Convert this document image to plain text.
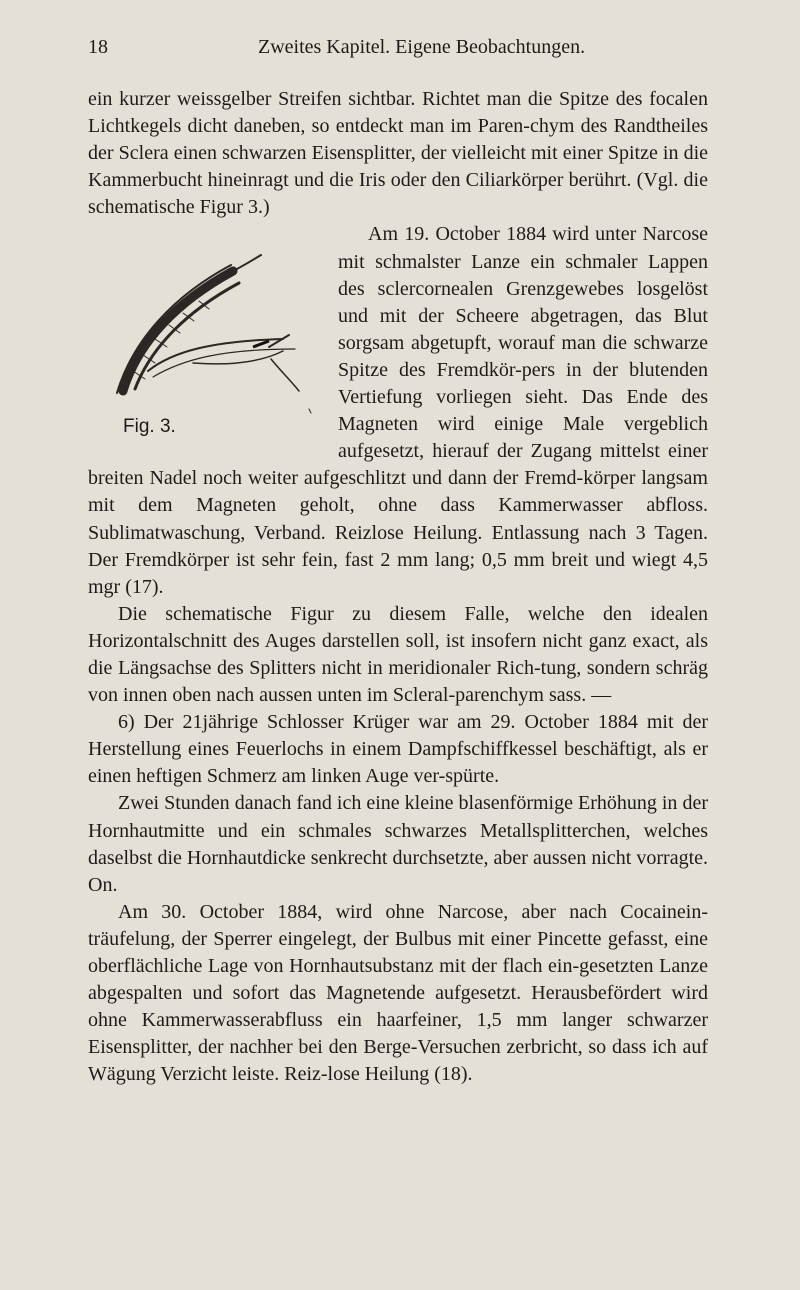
18	Zweites Kapitel. Eigene Beobachtungen.

ein kurzer weissgelber Streifen sichtbar. Richtet man die Spitze des focalen Lichtkegels dicht daneben, so entdeckt man im Paren-chym des Randtheiles der Sclera einen schwarzen Eisensplitter, der vielleicht mit einer Spitze in die Kammerbucht hineinragt und die Iris oder den Ciliarkörper berührt. (Vgl. die schematische Figur 3.)

Fig. 3.
Am 19. October 1884 wird unter Narcose mit schmalster Lanze ein schmaler Lappen des sclercornealen Grenzgewebes losgelöst und mit der Scheere abgetragen, das Blut sorgsam abgetupft, worauf man die schwarze Spitze des Fremdkör-pers in der blutenden Vertiefung vorliegen sieht. Das Ende des Magneten wird einige Male vergeblich aufgesetzt, hierauf der Zugang mittelst einer breiten Nadel noch weiter aufgeschlitzt und dann der Fremd-körper langsam mit dem Magneten geholt, ohne dass Kammerwasser abfloss. Sublimatwaschung, Verband. Reizlose Heilung. Entlassung nach 3 Tagen. Der Fremdkörper ist sehr fein, fast 2 mm lang; 0,5 mm breit und wiegt 4,5 mgr (17).

Die schematische Figur zu diesem Falle, welche den idealen Horizontalschnitt des Auges darstellen soll, ist insofern nicht ganz exact, als die Längsachse des Splitters nicht in meridionaler Rich-tung, sondern schräg von innen oben nach aussen unten im Scleral-parenchym sass. —

6) Der 21jährige Schlosser Krüger war am 29. October 1884 mit der Herstellung eines Feuerlochs in einem Dampfschiffkessel beschäftigt, als er einen heftigen Schmerz am linken Auge ver-spürte.

Zwei Stunden danach fand ich eine kleine blasenförmige Erhöhung in der Hornhautmitte und ein schmales schwarzes Metallsplitterchen, welches daselbst die Hornhautdicke senkrecht durchsetzte, aber aussen nicht vorragte. On.

Am 30. October 1884, wird ohne Narcose, aber nach Cocainein-träufelung, der Sperrer eingelegt, der Bulbus mit einer Pincette gefasst, eine oberflächliche Lage von Hornhautsubstanz mit der flach ein-gesetzten Lanze abgespalten und sofort das Magnetende aufgesetzt. Herausbefördert wird ohne Kammerwasserabfluss ein haarfeiner, 1,5 mm langer schwarzer Eisensplitter, der nachher bei den Berge-Versuchen zerbricht, so dass ich auf Wägung Verzicht leiste. Reiz-lose Heilung (18).
